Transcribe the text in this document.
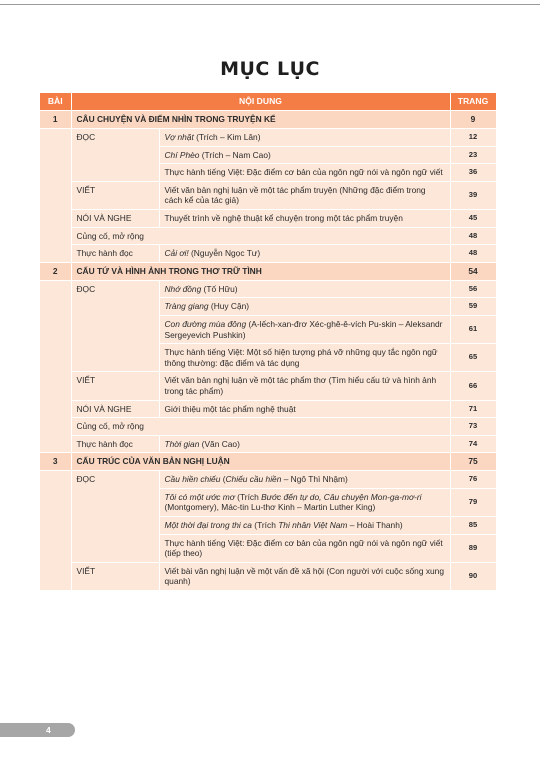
MỤC LỤC
BÀI	NỘI DUNG		TRANG
1	CÂU CHUYỆN VÀ ĐIỂM NHÌN TRONG TRUYỆN KỂ		9
	ĐỌC	Vợ nhặt (Trích – Kim Lân)	12
		Chí Phèo (Trích – Nam Cao)	23
		Thực hành tiếng Việt: Đặc điểm cơ bản của ngôn ngữ nói và ngôn ngữ viết	36
	VIẾT	Viết văn bản nghị luận về một tác phẩm truyện (Những đặc điểm trong cách kể của tác giả)	39
	NÓI VÀ NGHE	Thuyết trình về nghệ thuật kể chuyện trong một tác phẩm truyện	45
	Củng cố, mở rộng		48
	Thực hành đọc	Cải ơi! (Nguyễn Ngọc Tư)	48
2	CẤU TỨ VÀ HÌNH ẢNH TRONG THƠ TRỮ TÌNH		54
	ĐỌC	Nhớ đồng (Tố Hữu)	56
		Tràng giang (Huy Cận)	59
		Con đường mùa đông (A-lếch-xan-đrơ Xéc-ghê-ê-vích Pu-skin – Aleksandr Sergeyevich Pushkin)	61
		Thực hành tiếng Việt: Một số hiện tượng phá vỡ những quy tắc ngôn ngữ thông thường: đặc điểm và tác dụng	65
	VIẾT	Viết văn bản nghị luận về một tác phẩm thơ (Tìm hiểu cấu tứ và hình ảnh trong tác phẩm)	66
	NÓI VÀ NGHE	Giới thiệu một tác phẩm nghệ thuật	71
	Củng cố, mở rộng		73
	Thực hành đọc	Thời gian (Văn Cao)	74
3	CẤU TRÚC CỦA VĂN BẢN NGHỊ LUẬN		75
	ĐỌC	Cầu hiền chiếu (Chiếu cầu hiền – Ngô Thì Nhậm)	76
		Tôi có một ước mơ (Trích Bước đến tự do, Câu chuyện Mon-ga-mơ-ri (Montgomery), Mác-tin Lu-thơ Kinh – Martin Luther King)	79
		Một thời đại trong thi ca (Trích Thi nhân Việt Nam – Hoài Thanh)	85
		Thực hành tiếng Việt: Đặc điểm cơ bản của ngôn ngữ nói và ngôn ngữ viết (tiếp theo)	89
	VIẾT	Viết bài văn nghị luận về một vấn đề xã hội (Con người với cuộc sống xung quanh)	90
4
